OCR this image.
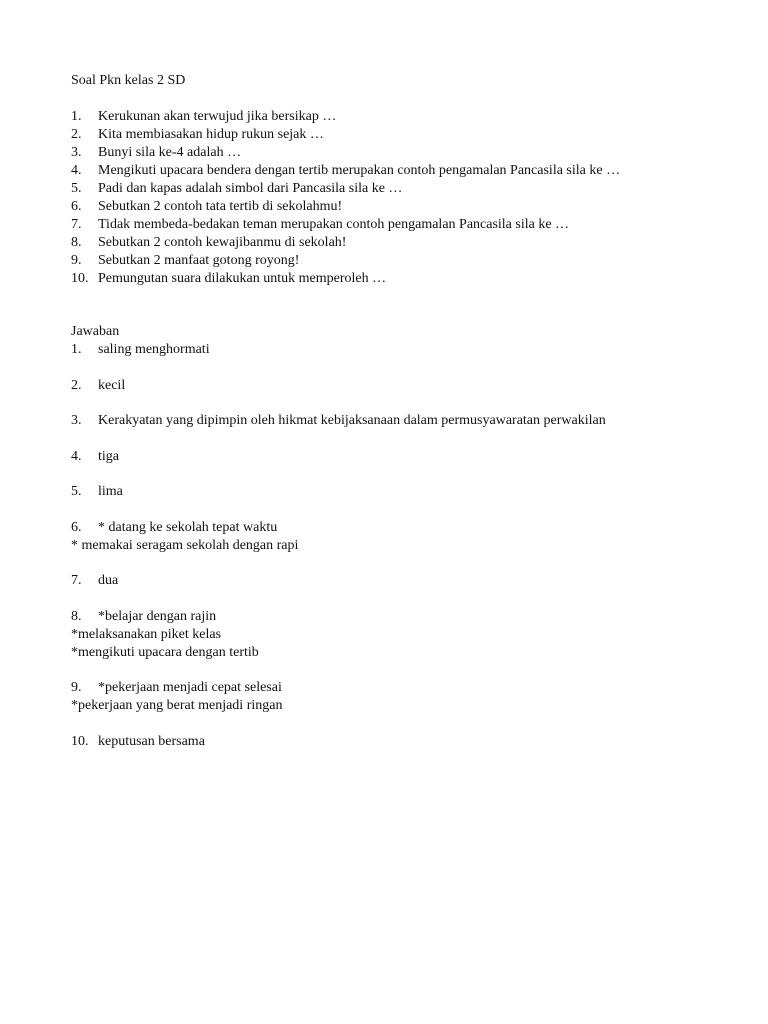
Soal Pkn kelas 2 SD
1. Kerukunan akan terwujud jika bersikap …
2. Kita membiasakan hidup rukun sejak …
3. Bunyi sila ke-4 adalah …
4. Mengikuti upacara bendera dengan tertib merupakan contoh pengamalan Pancasila sila ke …
5. Padi dan kapas adalah simbol dari Pancasila sila ke …
6. Sebutkan 2 contoh tata tertib di sekolahmu!
7. Tidak membeda-bedakan teman merupakan contoh pengamalan Pancasila sila ke …
8. Sebutkan 2 contoh kewajibanmu di sekolah!
9. Sebutkan 2 manfaat gotong royong!
10. Pemungutan suara dilakukan untuk memperoleh …
Jawaban
1. saling menghormati
2. kecil
3. Kerakyatan yang dipimpin oleh hikmat kebijaksanaan dalam permusyawaratan perwakilan
4. tiga
5. lima
6. * datang ke sekolah tepat waktu
* memakai seragam sekolah dengan rapi
7. dua
8. *belajar dengan rajin
*melaksanakan piket kelas
*mengikuti upacara dengan tertib
9. *pekerjaan menjadi cepat selesai
*pekerjaan yang berat menjadi ringan
10. keputusan bersama
